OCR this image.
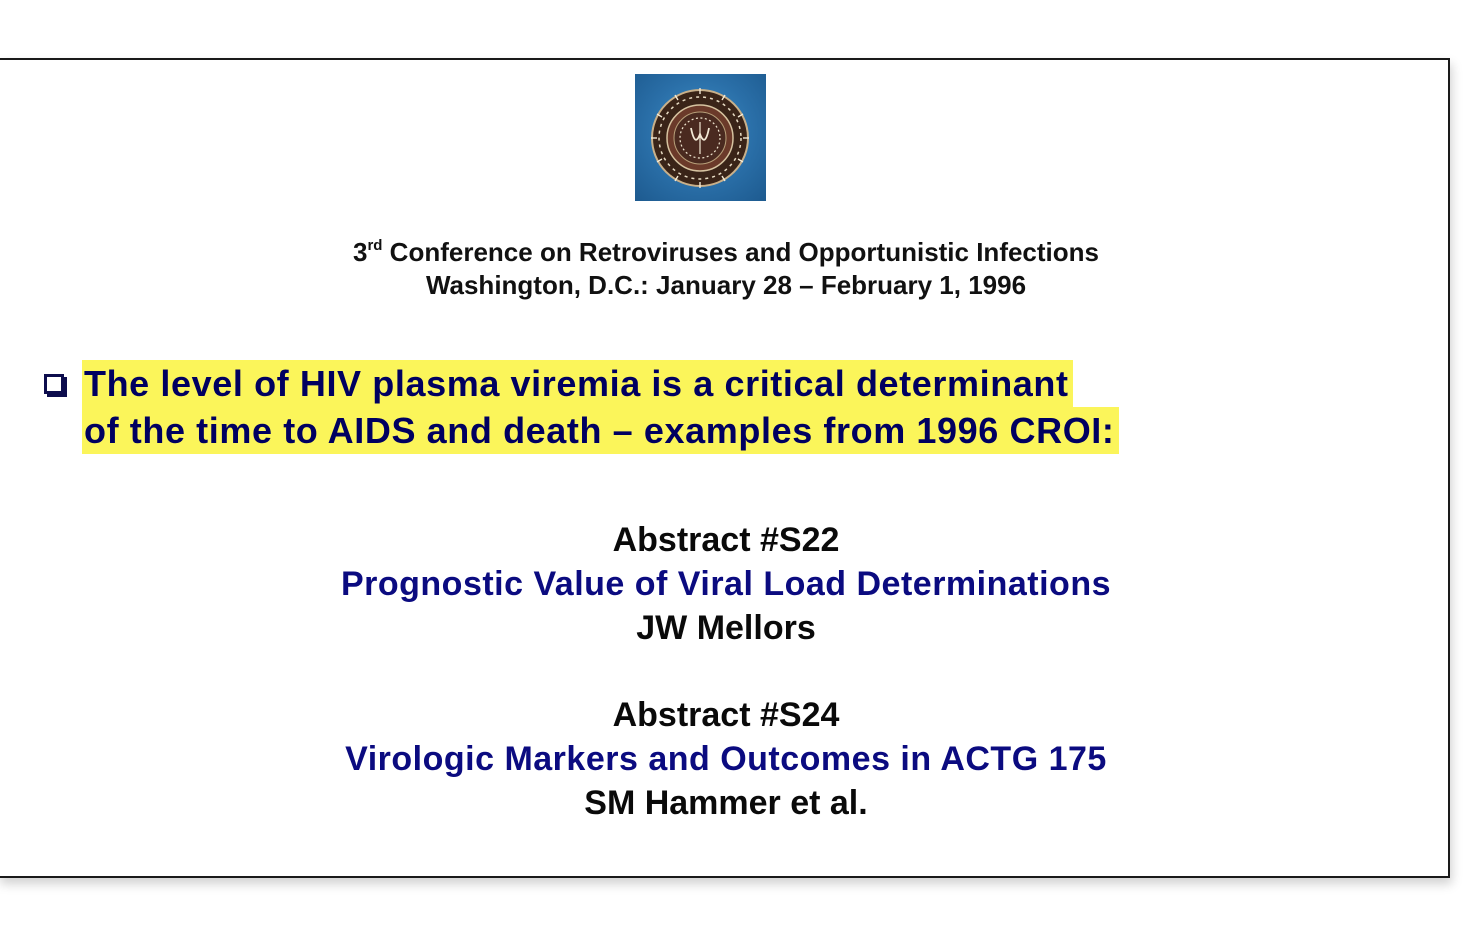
3rd Conference on Retroviruses and Opportunistic Infections
Washington, D.C.: January 28 – February 1, 1996
The level of HIV plasma viremia is a critical determinant
of the time to AIDS and death – examples from 1996 CROI:
Abstract #S22
Prognostic Value of Viral Load Determinations
JW Mellors
Abstract #S24
Virologic Markers and Outcomes in ACTG 175
SM Hammer et al.
